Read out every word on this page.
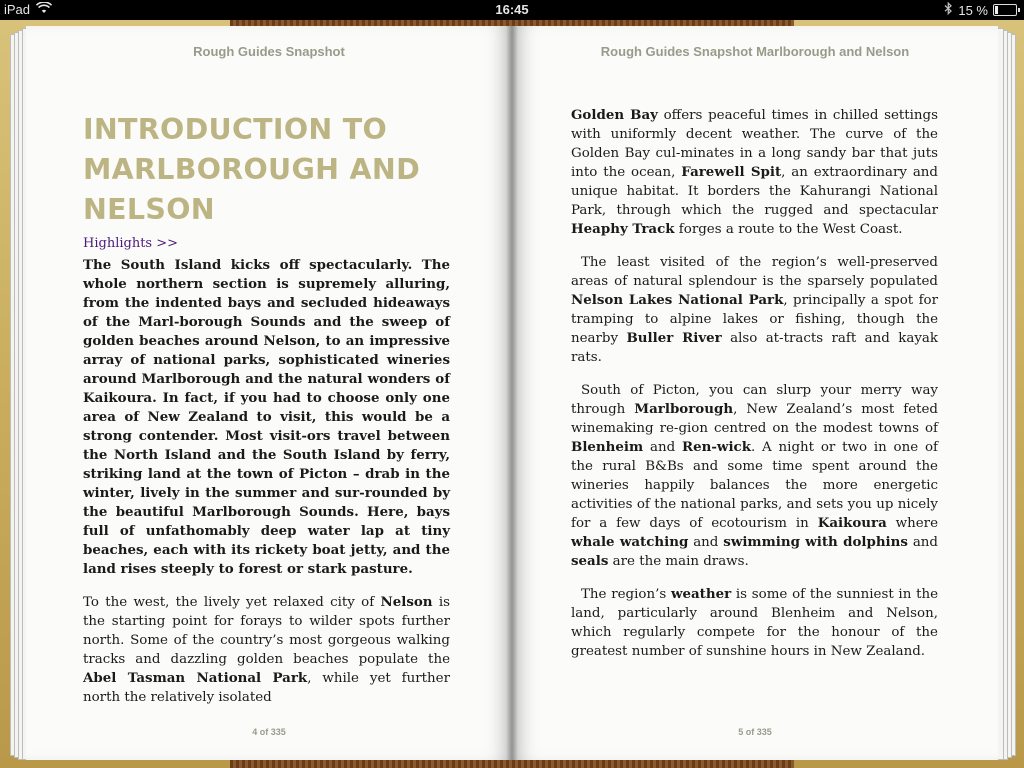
iPad	16:45	15 %
Rough Guides Snapshot
INTRODUCTION TO MARLBOROUGH AND NELSON
Highlights >>

The South Island kicks off spectacularly. The whole northern section is supremely alluring, from the indented bays and secluded hideaways of the Marl-borough Sounds and the sweep of golden beaches around Nelson, to an impressive array of national parks, sophisticated wineries around Marlborough and the natural wonders of Kaikoura. In fact, if you had to choose only one area of New Zealand to visit, this would be a strong contender. Most visit-ors travel between the North Island and the South Island by ferry, striking land at the town of Picton – drab in the winter, lively in the summer and sur-rounded by the beautiful Marlborough Sounds. Here, bays full of unfathomably deep water lap at tiny beaches, each with its rickety boat jetty, and the land rises steeply to forest or stark pasture.

To the west, the lively yet relaxed city of Nelson is the starting point for forays to wilder spots further north. Some of the country’s most gorgeous walking tracks and dazzling golden beaches populate the Abel Tasman National Park, while yet further north the relatively isolated

4 of 335
Rough Guides Snapshot Marlborough and Nelson

Golden Bay offers peaceful times in chilled settings with uniformly decent weather. The curve of the Golden Bay cul-minates in a long sandy bar that juts into the ocean, Farewell Spit, an extraordinary and unique habitat. It borders the Kahurangi National Park, through which the rugged and spectacular Heaphy Track forges a route to the West Coast.

The least visited of the region’s well-preserved areas of natural splendour is the sparsely populated Nelson Lakes National Park, principally a spot for tramping to alpine lakes or fishing, though the nearby Buller River also at-tracts raft and kayak rats.

South of Picton, you can slurp your merry way through Marlborough, New Zealand’s most feted winemaking re-gion centred on the modest towns of Blenheim and Ren-wick. A night or two in one of the rural B&Bs and some time spent around the wineries happily balances the more energetic activities of the national parks, and sets you up nicely for a few days of ecotourism in Kaikoura where whale watching and swimming with dolphins and seals are the main draws.

The region’s weather is some of the sunniest in the land, particularly around Blenheim and Nelson, which regularly compete for the honour of the greatest number of sunshine hours in New Zealand.

5 of 335
